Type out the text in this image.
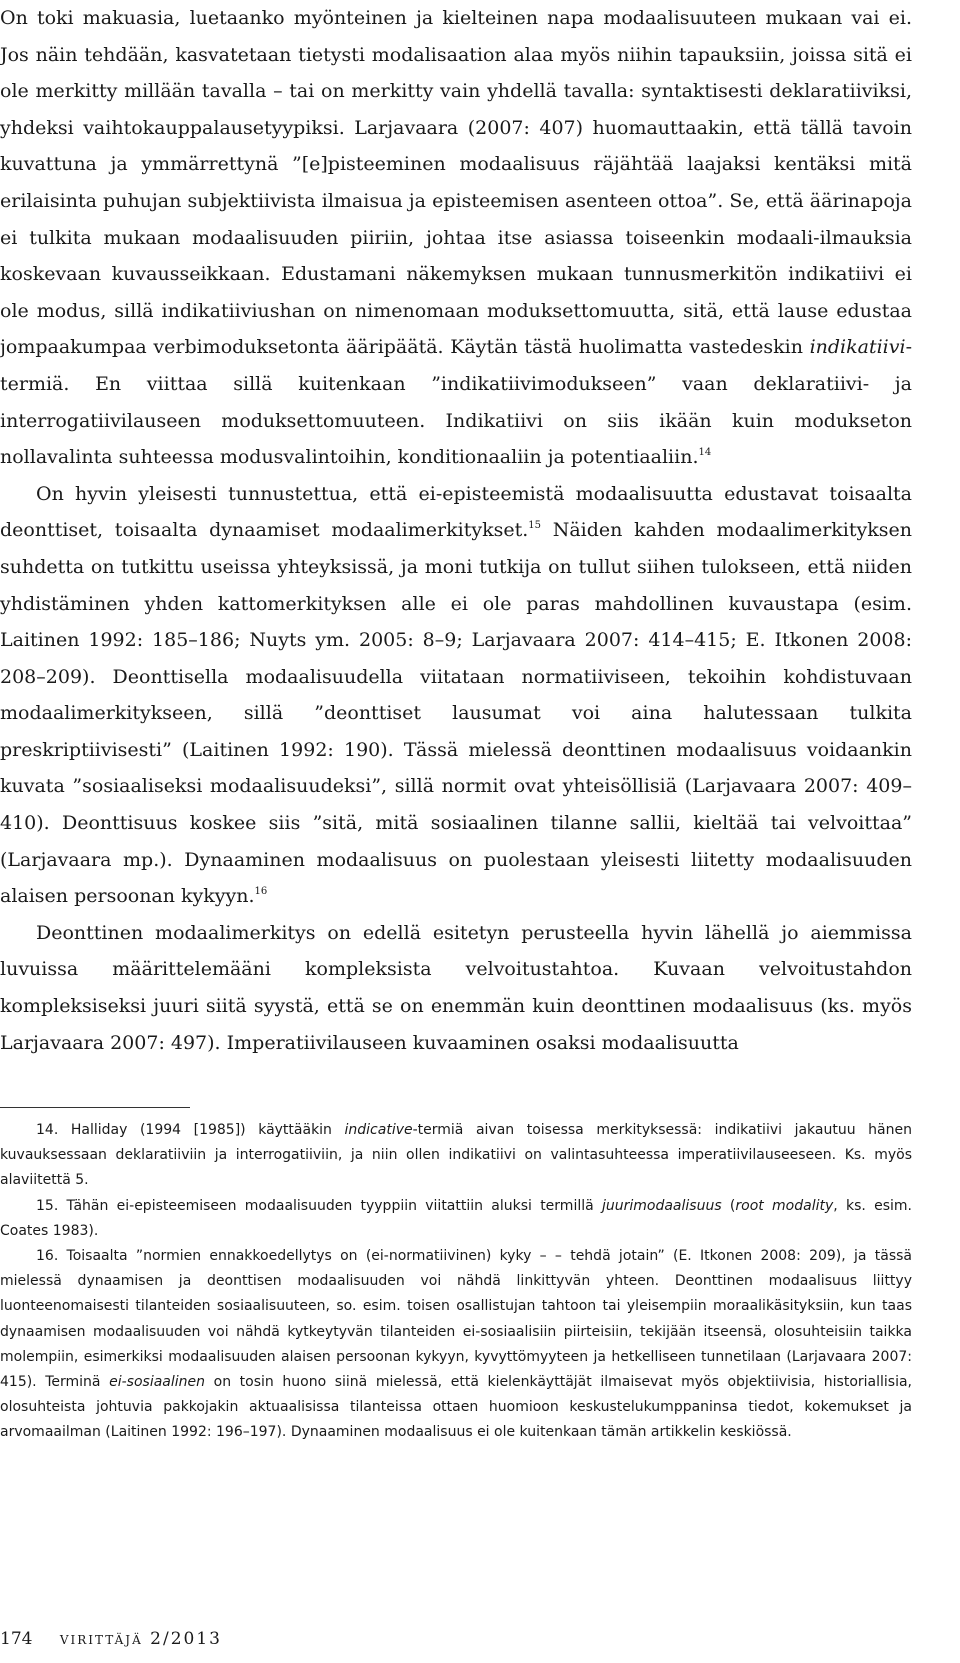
On toki makuasia, luetaanko myönteinen ja kielteinen napa modaalisuuteen mukaan vai ei. Jos näin tehdään, kasvatetaan tietysti modalisaation alaa myös niihin tapauksiin, joissa sitä ei ole merkitty millään tavalla – tai on merkitty vain yhdellä tavalla: syntaktisesti deklaratiiviksi, yhdeksi vaihtokauppalausetyypiksi. Larjavaara (2007: 407) huomauttaakin, että tällä tavoin kuvattuna ja ymmärrettynä ”[e]pisteeminen modaalisuus räjähtää laajaksi kentäksi mitä erilaisinta puhujan subjektiivista ilmaisua ja episteemisen asenteen ottoa”. Se, että äärinapoja ei tulkita mukaan modaalisuuden piiriin, johtaa itse asiassa toiseenkin modaali-ilmauksia koskevaan kuvausseikkaan. Edustamani näkemyksen mukaan tunnusmerkitön indikatiivi ei ole modus, sillä indikatiiviushan on nimenomaan moduksettomuutta, sitä, että lause edustaa jompaakumpaa verbimoduksetonta ääripäätä. Käytän tästä huolimatta vastedeskin indikatiivi-termiä. En viittaa sillä kuitenkaan ”indikatiivimodukseen” vaan deklaratiivi- ja interrogatiivilauseen moduksettomuuteen. Indikatiivi on siis ikään kuin modukseton nollavalinta suhteessa modusvalintoihin, konditionaaliin ja potentiaaliin.$^{14}$

On hyvin yleisesti tunnustettua, että ei-episteemistä modaalisuutta edustavat toisaalta deonttiset, toisaalta dynaamiset modaalimerkitykset.$^{15}$ Näiden kahden modaalimerkityksen suhdetta on tutkittu useissa yhteyksissä, ja moni tutkija on tullut siihen tulokseen, että niiden yhdistäminen yhden kattomerkityksen alle ei ole paras mahdollinen kuvaustapa (esim. Laitinen 1992: 185–186; Nuyts ym. 2005: 8–9; Larjavaara 2007: 414–415; E. Itkonen 2008: 208–209). Deonttisella modaalisuudella viitataan normatiiviseen, tekoihin kohdistuvaan modaalimerkitykseen, sillä ”deonttiset lausumat voi aina halutessaan tulkita preskriptiivisesti” (Laitinen 1992: 190). Tässä mielessä deonttinen modaalisuus voidaankin kuvata ”sosiaaliseksi modaalisuudeksi”, sillä normit ovat yhteisöllisiä (Larjavaara 2007: 409–410). Deonttisuus koskee siis ”sitä, mitä sosiaalinen tilanne sallii, kieltää tai velvoittaa” (Larjavaara mp.). Dynaaminen modaalisuus on puolestaan yleisesti liitetty modaalisuuden alaisen persoonan kykyyn.$^{16}$

Deonttinen modaalimerkitys on edellä esitetyn perusteella hyvin lähellä jo aiemmissa luvuissa määrittelemääni kompleksista velvoitustahtoa. Kuvaan velvoitustahdon kompleksiseksi juuri siitä syystä, että se on enemmän kuin deonttinen modaalisuus (ks. myös Larjavaara 2007: 497). Imperatiivilauseen kuvaaminen osaksi modaalisuutta

14. Halliday (1994 [1985]) käyttääkin indicative-termiä aivan toisessa merkityksessä: indikatiivi jakautuu hänen kuvauksessaan deklaratiiviin ja interrogatiiviin, ja niin ollen indikatiivi on valintasuhteessa imperatiivilauseeseen. Ks. myös alaviitettä 5.

15. Tähän ei-episteemiseen modaalisuuden tyyppiin viitattiin aluksi termillä juurimodaalisuus (root modality, ks. esim. Coates 1983).

16. Toisaalta ”normien ennakkoedellytys on (ei-normatiivinen) kyky – – tehdä jotain” (E. Itkonen 2008: 209), ja tässä mielessä dynaamisen ja deonttisen modaalisuuden voi nähdä linkittyvän yhteen. Deonttinen modaalisuus liittyy luonteenomaisesti tilanteiden sosiaalisuuteen, so. esim. toisen osallistujan tahtoon tai yleisempiin moraalikäsityksiin, kun taas dynaamisen modaalisuuden voi nähdä kytkeytyvän tilanteiden ei-sosiaalisiin piirteisiin, tekijään itseensä, olosuhteisiin taikka molempiin, esimerkiksi modaalisuuden alaisen persoonan kykyyn, kyvyttömyyteen ja hetkelliseen tunnetilaan (Larjavaara 2007: 415). Terminä ei-sosiaalinen on tosin huono siinä mielessä, että kielenkäyttäjät ilmaisevat myös objektiivisia, historiallisia, olosuhteista johtuvia pakkojakin aktuaalisissa tilanteissa ottaen huomioon keskustelukumppaninsa tiedot, kokemukset ja arvomaailman (Laitinen 1992: 196–197). Dynaaminen modaalisuus ei ole kuitenkaan tämän artikkelin keskiössä.

174 virittäjä 2/2013
